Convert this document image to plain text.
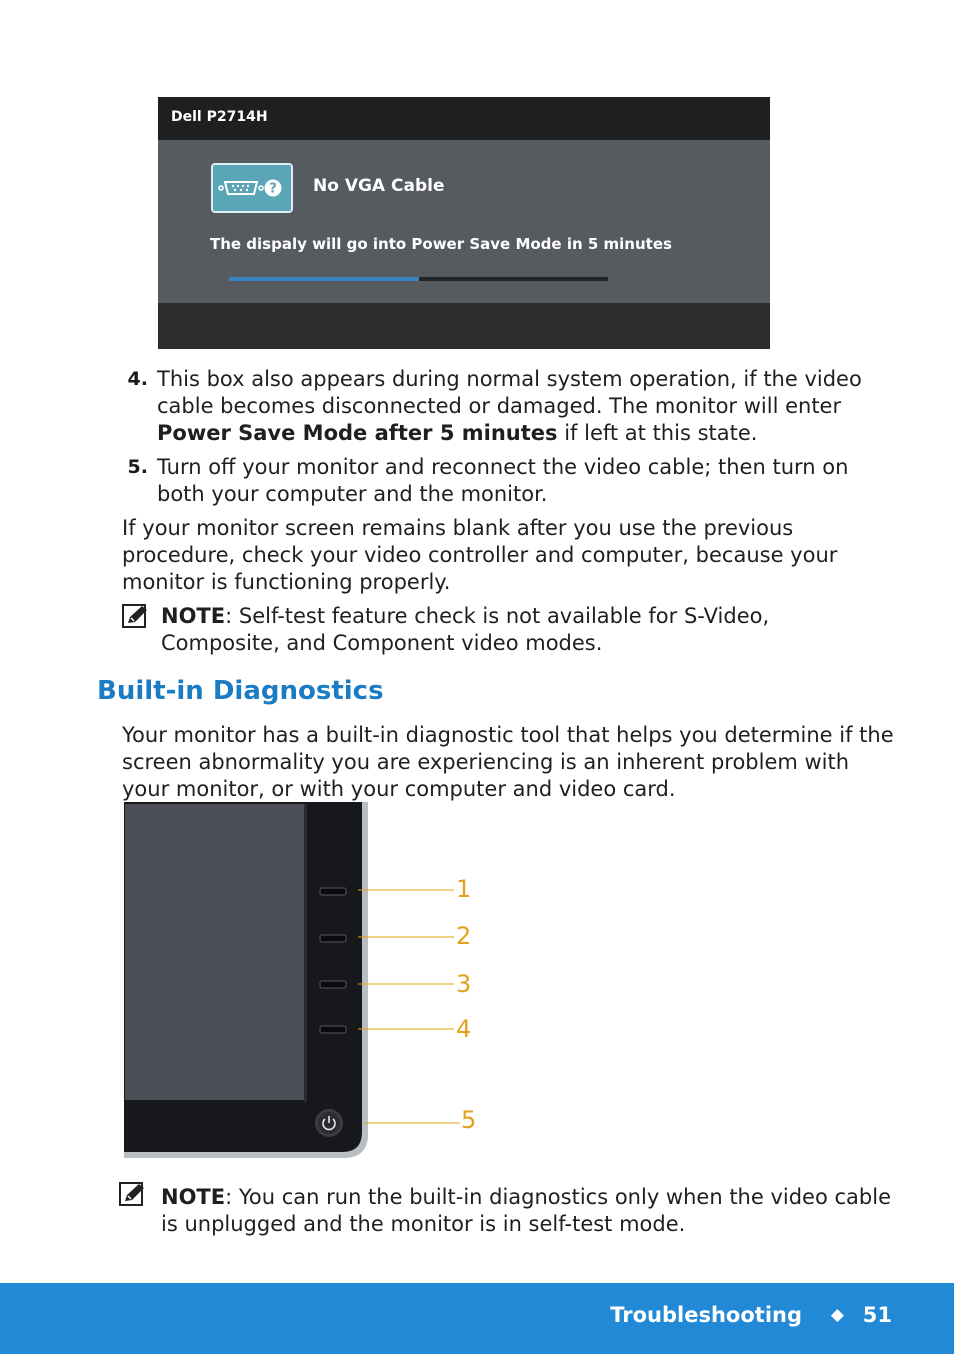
Dell P2714H
? No VGA Cable
The dispaly will go into Power Save Mode in 5 minutes
4. This box also appears during normal system operation, if the video cable becomes disconnected or damaged. The monitor will enter Power Save Mode after 5 minutes if left at this state.
5. Turn off your monitor and reconnect the video cable; then turn on both your computer and the monitor.
If your monitor screen remains blank after you use the previous procedure, check your video controller and computer, because your monitor is functioning properly.
NOTE: Self-test feature check is not available for S-Video, Composite, and Component video modes.
Built-in Diagnostics
Your monitor has a built-in diagnostic tool that helps you determine if the screen abnormality you are experiencing is an inherent problem with your monitor, or with your computer and video card.
1
2
3
4
5
NOTE: You can run the built-in diagnostics only when the video cable is unplugged and the monitor is in self-test mode.
Troubleshooting ◆ 51
